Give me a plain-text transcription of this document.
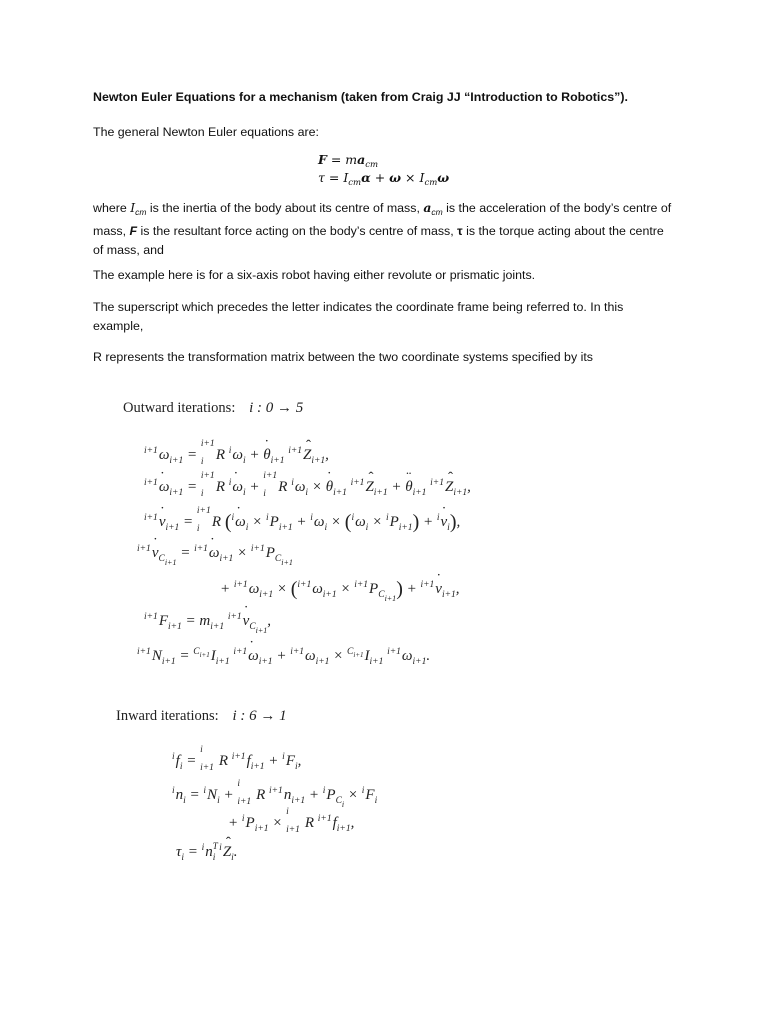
Newton Euler Equations for a mechanism (taken from Craig JJ “Introduction to Robotics”).

The general Newton Euler equations are:

$F = ma_{cm}$
$\tau = I_{cm}\alpha + \omega \times I_{cm}\omega$

where $I_{cm}$ is the inertia of the body about its centre of mass, $a_{cm}$ is the acceleration of the body’s centre of mass, F is the resultant force acting on the body’s centre of mass, τ is the torque acting about the centre of mass, and

The example here is for a six-axis robot having either revolute or prismatic joints.

The superscript which precedes the letter indicates the coordinate frame being referred to. In this example,

R represents the transformation matrix between the two coordinate systems specified by its

Outward iterations: i : 0 → 5
i+1ωi+1 =
i+1
i R iωi + θ ˙i+1 i+1Z ˆi+1,
i+1ω ˙i+1 =
i+1
i R iω ˙i +
i+1
i R iωi × θ ˙i+1 i+1Z ˆi+1 + θ ¨i+1 i+1Z ˆi+1,
i+1v ˙i+1 =
i+1
i R (iω ˙i × iPi+1 + iωi × (iωi × iPi+1) + iv ˙i),
i+1v ˙Ci+1 = i+1ω ˙i+1 × i+1PCi+1
+ i+1ωi+1 × (i+1ωi+1 × i+1PCi+1) + i+1v ˙i+1,
i+1Fi+1 = mi+1 i+1v ˙Ci+1,
$i+1Ni+1 = C_{i+1}Ii+1$ i+1ω ˙i+1 + $i+1\omega i+1 \times C_{i+1}Ii+1$ i+1ωi+1.
Inward iterations: i : 6 → 1
ifi =
i
i+1 R i+1fi+1 + iFi,
ini = iNi +
i
i+1 R i+1ni+1 + iPCi × iFi
+ iPi+1 ×
i
i+1 R i+1fi+1,
τi = in T
i iZ ˆi.
